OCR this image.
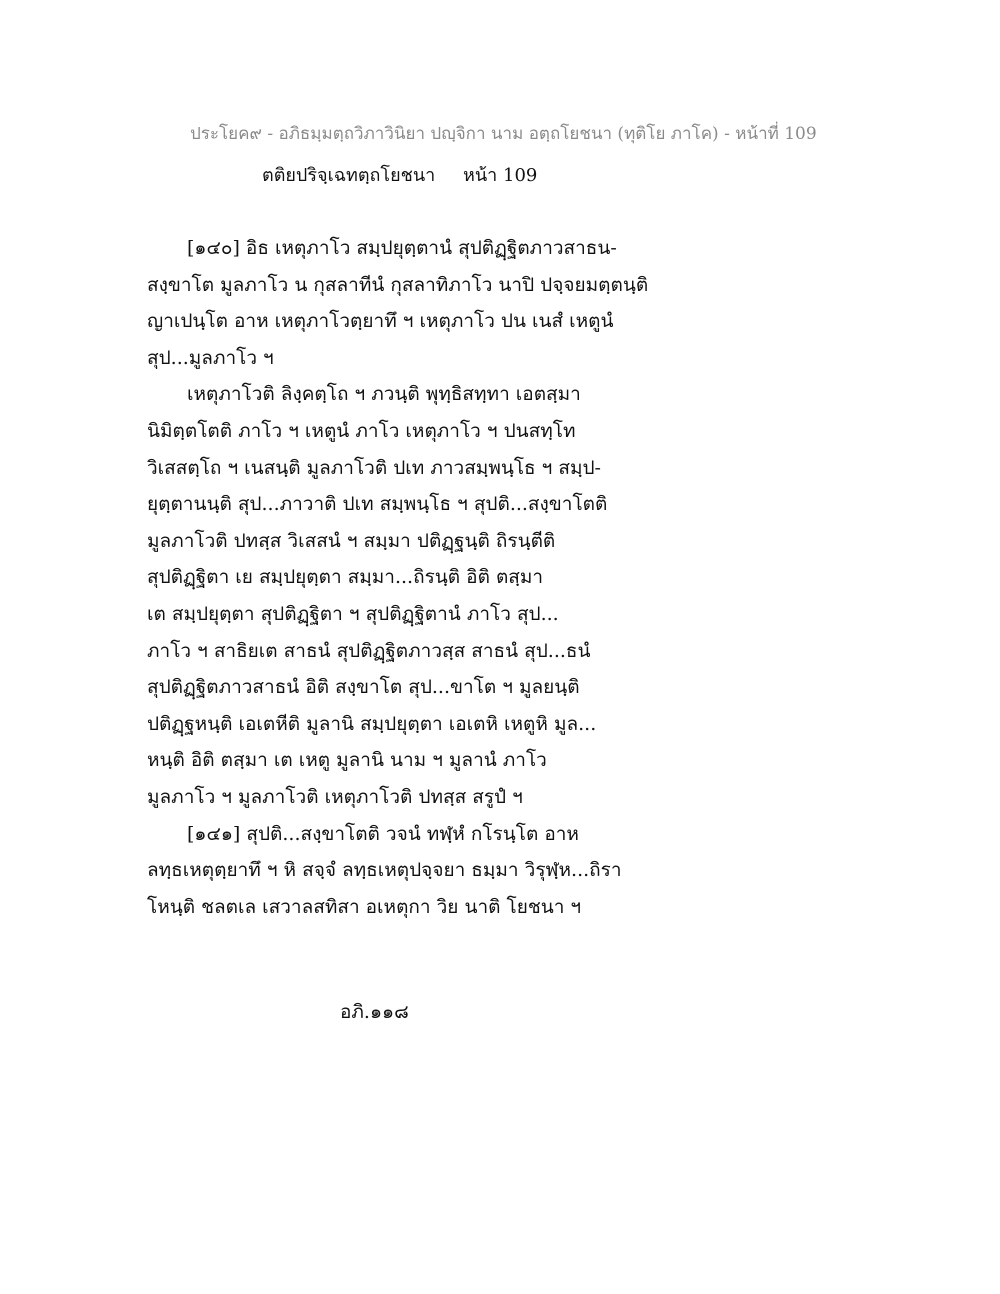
ประโยค๙ - อภิธมฺมตฺถวิภาวินิยา ปญฺจิกา นาม อตฺถโยชนา (ทุติโย ภาโค) - หน้าที่ 109
ตติยปริจฺเฉทตฺถโยชนา หน้า 109
[๑๔๐] อิธ เหตุภาโว สมฺปยุตฺตานํ สุปติฏฺฐิตภาวสาธน-
สงฺขาโต มูลภาโว น กุสลาทีนํ กุสลาทิภาโว นาปิ ปจฺจยมตฺตนฺติ
ญาเปนฺโต อาห เหตุภาโวตฺยาทึ ฯ เหตุภาโว ปน เนสํ เหตูนํ
สุป...มูลภาโว ฯ
เหตุภาโวติ ลิงฺคตฺโถ ฯ ภวนฺติ พุทฺธิสทฺทา เอตสฺมา
นิมิตฺตโตติ ภาโว ฯ เหตูนํ ภาโว เหตุภาโว ฯ ปนสทฺโท
วิเสสตฺโถ ฯ เนสนฺติ มูลภาโวติ ปเท ภาวสมฺพนฺโธ ฯ สมฺป-
ยุตฺตานนฺติ สุป...ภาวาติ ปเท สมฺพนฺโธ ฯ สุปติ...สงฺขาโตติ
มูลภาโวติ ปทสฺส วิเสสนํ ฯ สมฺมา ปติฏฺฐนฺติ ถิรนฺตีติ
สุปติฏฺฐิตา เย สมฺปยุตฺตา สมฺมา...ถิรนฺติ อิติ ตสฺมา
เต สมฺปยุตฺตา สุปติฏฺฐิตา ฯ สุปติฏฺฐิตานํ ภาโว สุป...
ภาโว ฯ สาธิยเต สาธนํ สุปติฏฺฐิตภาวสฺส สาธนํ สุป...ธนํ
สุปติฏฺฐิตภาวสาธนํ อิติ สงฺขาโต สุป...ขาโต ฯ มูลยนฺติ
ปติฏฺฐหนฺติ เอเตหีติ มูลานิ สมฺปยุตฺตา เอเตหิ เหตูหิ มูล...
หนฺติ อิติ ตสฺมา เต เหตู มูลานิ นาม ฯ มูลานํ ภาโว
มูลภาโว ฯ มูลภาโวติ เหตุภาโวติ ปทสฺส สรูปํ ฯ
[๑๔๑] สุปติ...สงฺขาโตติ วจนํ ทฬฺหํ กโรนฺโต อาห
ลทฺธเหตุตฺยาทึ ฯ หิ สจฺจํ ลทฺธเหตุปจฺจยา ธมฺมา วิรุฬฺห...ถิรา
โหนฺติ ชลตเล เสวาลสทิสา อเหตุกา วิย นาติ โยชนา ฯ
อภิ.๑๑๘
